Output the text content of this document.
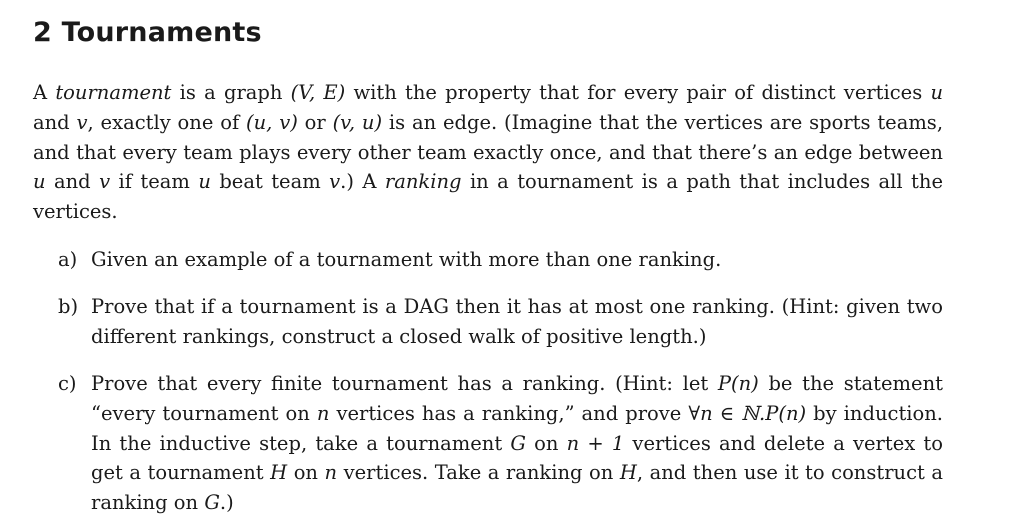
2 Tournaments

A tournament is a graph (V, E) with the property that for every pair of distinct vertices u and v, exactly one of (u, v) or (v, u) is an edge. (Imagine that the vertices are sports teams, and that every team plays every other team exactly once, and that there’s an edge between u and v if team u beat team v.) A ranking in a tournament is a path that includes all the vertices.

a) Given an example of a tournament with more than one ranking.
b) Prove that if a tournament is a DAG then it has at most one ranking. (Hint: given two different rankings, construct a closed walk of positive length.)
c) Prove that every finite tournament has a ranking. (Hint: let P(n) be the statement “every tournament on n vertices has a ranking,” and prove ∀n ∈ ℕ.P(n) by induction. In the inductive step, take a tournament G on n + 1 vertices and delete a vertex to get a tournament H on n vertices. Take a ranking on H, and then use it to construct a ranking on G.)
